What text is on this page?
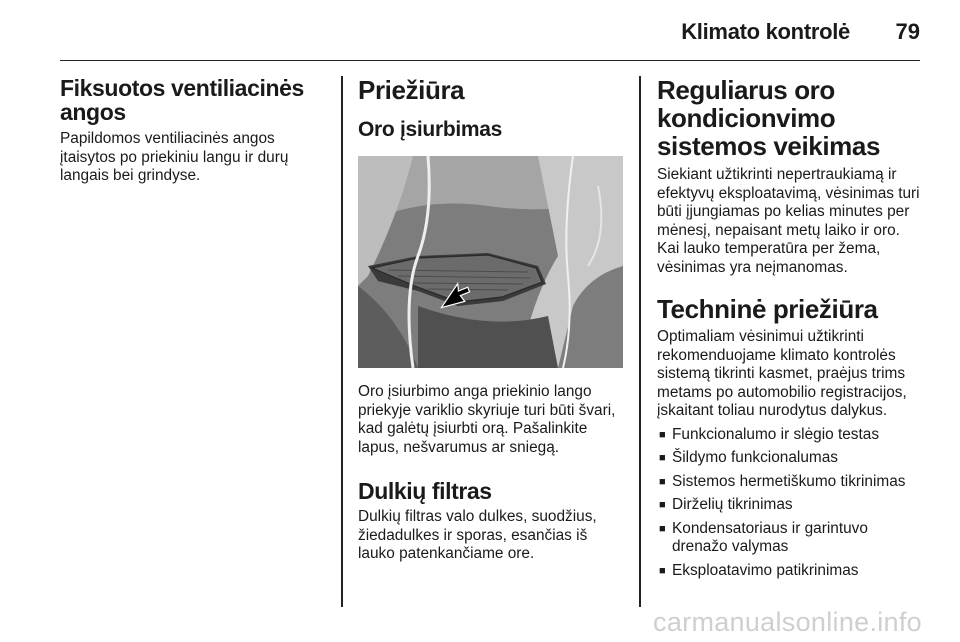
Klimato kontrolė 79
Fiksuotos ventiliacinės angos

Papildomos ventiliacinės angos įtaisytos po priekiniu langu ir durų langais bei grindyse.

Priežiūra
Oro įsiurbimas

Oro įsiurbimo anga priekinio lango priekyje variklio skyriuje turi būti švari, kad galėtų įsiurbti orą. Pašalinkite lapus, nešvarumus ar sniegą.

Dulkių filtras

Dulkių filtras valo dulkes, suodžius, žiedadulkes ir sporas, esančias iš lauko patenkančiame ore.

Reguliarus oro kondicionvimo sistemos veikimas

Siekiant užtikrinti nepertraukiamą ir efektyvų eksploatavimą, vėsinimas turi būti įjungiamas po kelias minutes per mėnesį, nepaisant metų laiko ir oro. Kai lauko temperatūra per žema, vėsinimas yra neįmanomas.

Techninė priežiūra

Optimaliam vėsinimui užtikrinti rekomenduojame klimato kontrolės sistemą tikrinti kasmet, praėjus trims metams po automobilio registracijos, įskaitant toliau nurodytus dalykus.

■ Funkcionalumo ir slėgio testas
■ Šildymo funkcionalumas
■ Sistemos hermetiškumo tikrinimas
■ Dirželių tikrinimas
■ Kondensatoriaus ir garintuvo drenažo valymas
■ Eksploatavimo patikrinimas
carmanualsonline.info
